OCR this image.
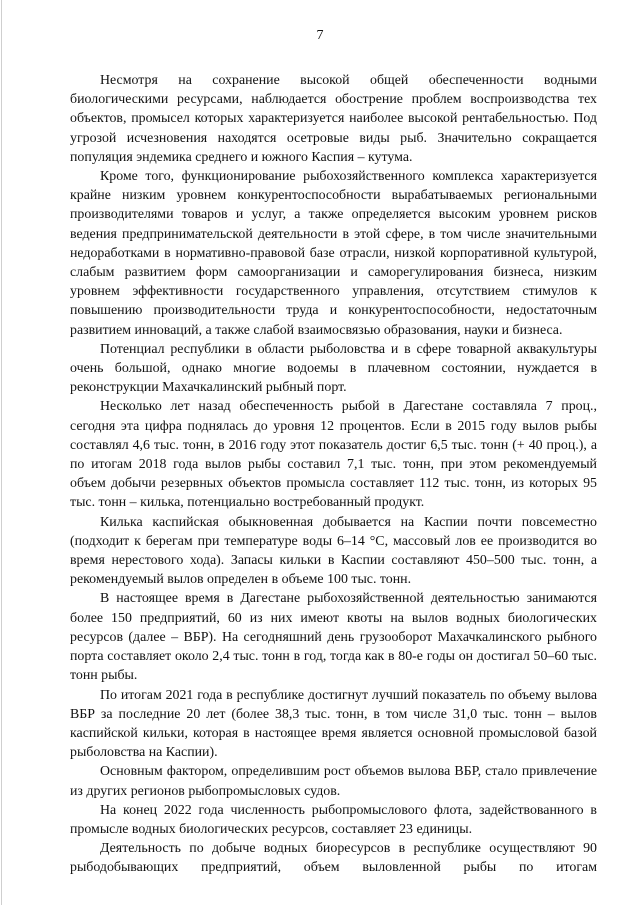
7

Несмотря на сохранение высокой общей обеспеченности водными биологическими ресурсами, наблюдается обострение проблем воспроизводства тех объектов, промысел которых характеризуется наиболее высокой рентабельностью. Под угрозой исчезновения находятся осетровые виды рыб. Значительно сокращается популяция эндемика среднего и южного Каспия – кутума.

Кроме того, функционирование рыбохозяйственного комплекса характеризуется крайне низким уровнем конкурентоспособности вырабатываемых региональными производителями товаров и услуг, а также определяется высоким уровнем рисков ведения предпринимательской деятельности в этой сфере, в том числе значительными недоработками в нормативно-правовой базе отрасли, низкой корпоративной культурой, слабым развитием форм самоорганизации и саморегулирования бизнеса, низким уровнем эффективности государственного управления, отсутствием стимулов к повышению производительности труда и конкурентоспособности, недостаточным развитием инноваций, а также слабой взаимосвязью образования, науки и бизнеса.

Потенциал республики в области рыболовства и в сфере товарной аквакультуры очень большой, однако многие водоемы в плачевном состоянии, нуждается в реконструкции Махачкалинский рыбный порт.

Несколько лет назад обеспеченность рыбой в Дагестане составляла 7 проц., сегодня эта цифра поднялась до уровня 12 процентов. Если в 2015 году вылов рыбы составлял 4,6 тыс. тонн, в 2016 году этот показатель достиг 6,5 тыс. тонн (+ 40 проц.), а по итогам 2018 года вылов рыбы составил 7,1 тыс. тонн, при этом рекомендуемый объем добычи резервных объектов промысла составляет 112 тыс. тонн, из которых 95 тыс. тонн – килька, потенциально востребованный продукт.

Килька каспийская обыкновенная добывается на Каспии почти повсеместно (подходит к берегам при температуре воды 6–14 °С, массовый лов ее производится во время нерестового хода). Запасы кильки в Каспии составляют 450–500 тыс. тонн, а рекомендуемый вылов определен в объеме 100 тыс. тонн.

В настоящее время в Дагестане рыбохозяйственной деятельностью занимаются более 150 предприятий, 60 из них имеют квоты на вылов водных биологических ресурсов (далее – ВБР). На сегодняшний день грузооборот Махачкалинского рыбного порта составляет около 2,4 тыс. тонн в год, тогда как в 80-е годы он достигал 50–60 тыс. тонн рыбы.

По итогам 2021 года в республике достигнут лучший показатель по объему вылова ВБР за последние 20 лет (более 38,3 тыс. тонн, в том числе 31,0 тыс. тонн – вылов каспийской кильки, которая в настоящее время является основной промысловой базой рыболовства на Каспии).

Основным фактором, определившим рост объемов вылова ВБР, стало привлечение из других регионов рыбопромысловых судов.

На конец 2022 года численность рыбопромыслового флота, задействованного в промысле водных биологических ресурсов, составляет 23 единицы.

Деятельность по добыче водных биоресурсов в республике осуществляют 90 рыбодобывающих предприятий, объем выловленной рыбы по итогам
